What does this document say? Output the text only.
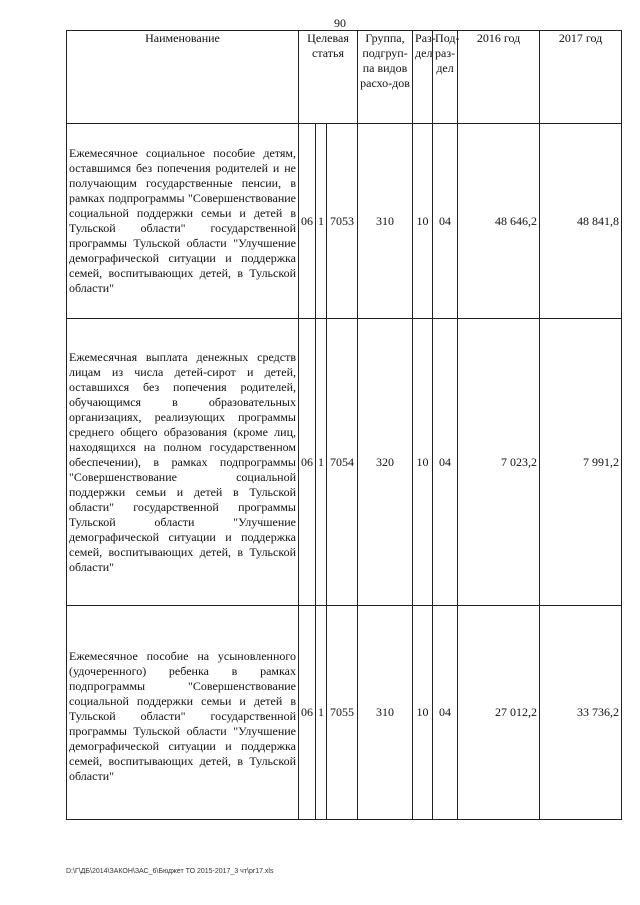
90
Наименование	Целевая статья			Группа, подгруп-па видов расхо-дов	Раз-дел	Под-раз-дел	2016 год	2017 год
Ежемесячное социальное пособие детям, оставшимся без попечения родителей и не получающим государственные пенсии, в рамках подпрограммы "Совершенствование социальной поддержки семьи и детей в Тульской области" государственной программы Тульской области "Улучшение демографической ситуации и поддержка семей, воспитывающих детей, в Тульской области"	06	1	7053	310	10	04	48 646,2	48 841,8
Ежемесячная выплата денежных средств лицам из числа детей-сирот и детей, оставшихся без попечения родителей, обучающимся в образовательных организациях, реализующих программы среднего общего образования (кроме лиц, находящихся на полном государственном обеспечении), в рамках подпрограммы "Совершенствование социальной поддержки семьи и детей в Тульской области" государственной программы Тульской области "Улучшение демографической ситуации и поддержка семей, воспитывающих детей, в Тульской области"	06	1	7054	320	10	04	7 023,2	7 991,2
Ежемесячное пособие на усыновленного (удочеренного) ребенка в рамках подпрограммы "Совершенствование социальной поддержки семьи и детей в Тульской области" государственной программы Тульской области "Улучшение демографической ситуации и поддержка семей, воспитывающих детей, в Тульской области"	06	1	7055	310	10	04	27 012,2	33 736,2
D:\Г\ДБ\2014\ЗАКОН\ЗАС_6\Бюджет ТО 2015-2017_3 чт\pr17.xls
